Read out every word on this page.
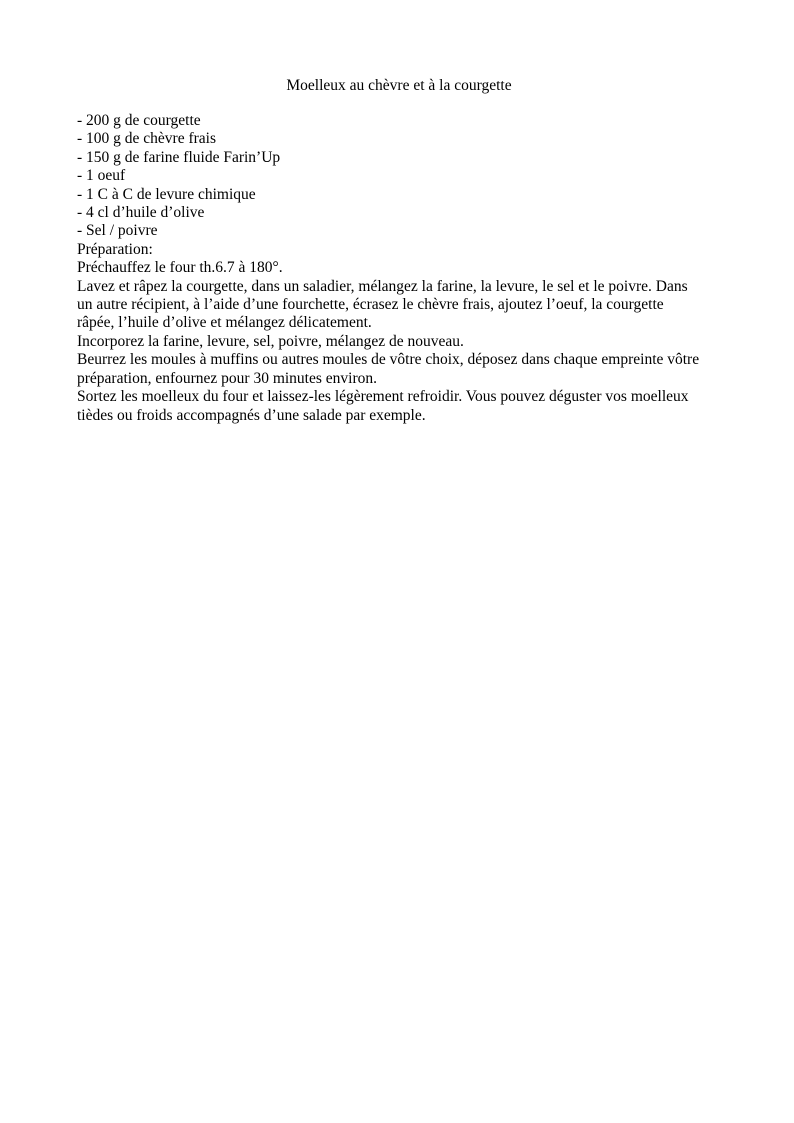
Moelleux au chèvre et à la courgette
- 200 g de courgette
- 100 g de chèvre frais
- 150 g de farine fluide Farin’Up
- 1 oeuf
- 1 C à C de levure chimique
- 4 cl d’huile d’olive
- Sel / poivre
Préparation:
Préchauffez le four th.6.7 à 180°.
Lavez et râpez la courgette, dans un saladier, mélangez la farine, la levure, le sel et le poivre. Dans
un autre récipient, à l’aide d’une fourchette, écrasez le chèvre frais, ajoutez l’oeuf, la courgette
râpée, l’huile d’olive et mélangez délicatement.
Incorporez la farine, levure, sel, poivre, mélangez de nouveau.
Beurrez les moules à muffins ou autres moules de vôtre choix, déposez dans chaque empreinte vôtre
préparation, enfournez pour 30 minutes environ.
Sortez les moelleux du four et laissez-les légèrement refroidir. Vous pouvez déguster vos moelleux
tièdes ou froids accompagnés d’une salade par exemple.
